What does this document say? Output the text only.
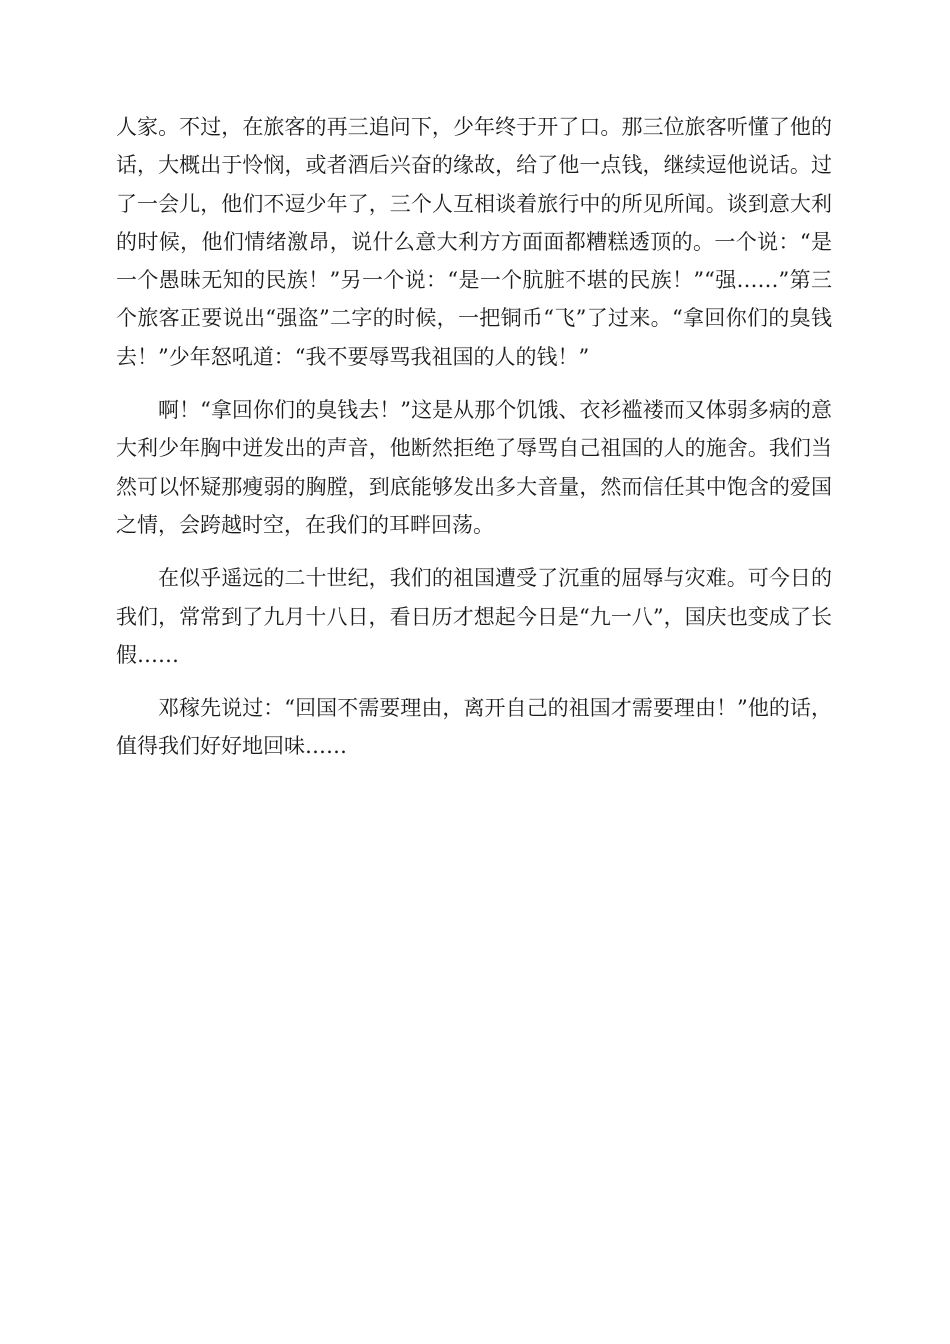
人家。不过，在旅客的再三追问下，少年终于开了口。那三位旅客听懂了他的话，大概出于怜悯，或者酒后兴奋的缘故，给了他一点钱，继续逗他说话。过了一会儿，他们不逗少年了，三个人互相谈着旅行中的所见所闻。谈到意大利的时候，他们情绪激昂，说什么意大利方方面面都糟糕透顶的。一个说：“是一个愚昧无知的民族！”另一个说：“是一个肮脏不堪的民族！”“强……”第三个旅客正要说出“强盗”二字的时候，一把铜币“飞”了过来。“拿回你们的臭钱去！”少年怒吼道：“我不要辱骂我祖国的人的钱！”

啊！“拿回你们的臭钱去！”这是从那个饥饿、衣衫褴褛而又体弱多病的意大利少年胸中迸发出的声音，他断然拒绝了辱骂自己祖国的人的施舍。我们当然可以怀疑那瘦弱的胸膛，到底能够发出多大音量，然而信任其中饱含的爱国之情，会跨越时空，在我们的耳畔回荡。

在似乎遥远的二十世纪，我们的祖国遭受了沉重的屈辱与灾难。可今日的我们，常常到了九月十八日，看日历才想起今日是“九一八”，国庆也变成了长假……

邓稼先说过：“回国不需要理由，离开自己的祖国才需要理由！”他的话，值得我们好好地回味……
